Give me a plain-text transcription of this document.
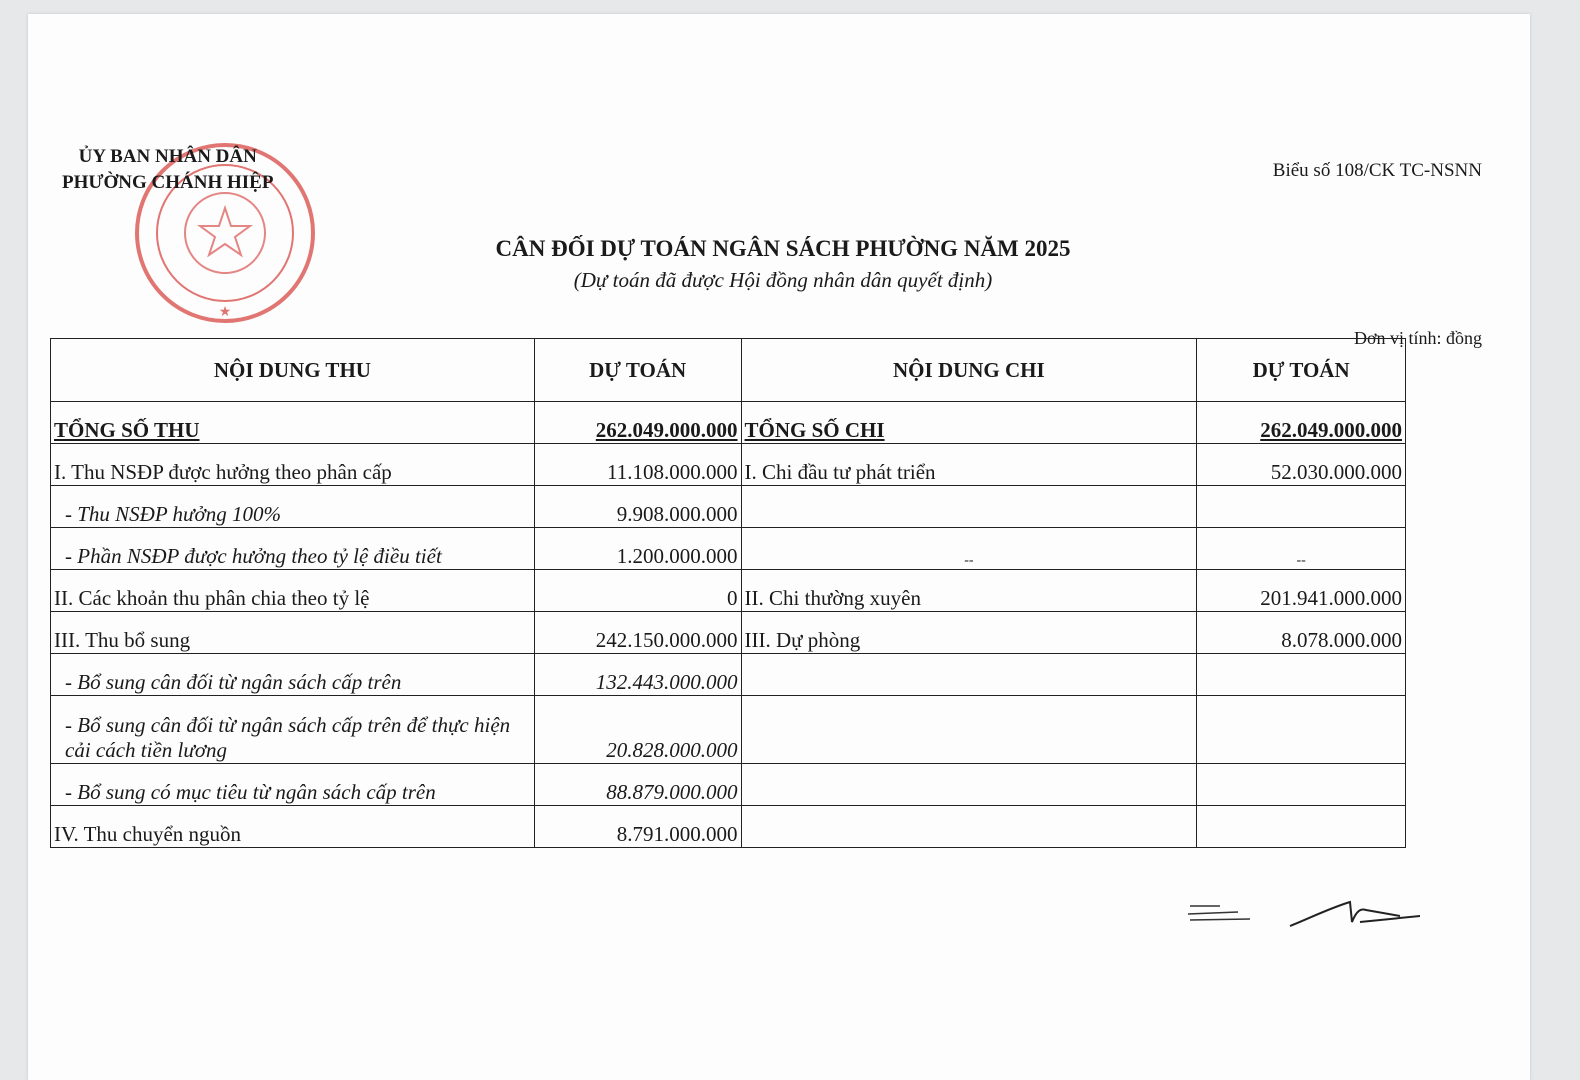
★
ỦY BAN NHÂN DÂN
PHƯỜNG CHÁNH HIỆP
Biểu số 108/CK TC-NSNN
CÂN ĐỐI DỰ TOÁN NGÂN SÁCH PHƯỜNG NĂM 2025
(Dự toán đã được Hội đồng nhân dân quyết định)
Đơn vị tính: đồng
NỘI DUNG THU	DỰ TOÁN	NỘI DUNG CHI	DỰ TOÁN
TỔNG SỐ THU	262.049.000.000	TỔNG SỐ CHI	262.049.000.000
I. Thu NSĐP được hưởng theo phân cấp	11.108.000.000	I. Chi đầu tư phát triển	52.030.000.000
- Thu NSĐP hưởng 100%	9.908.000.000		
- Phần NSĐP được hưởng theo tỷ lệ điều tiết	1.200.000.000	--	--
II. Các khoản thu phân chia theo tỷ lệ	0	II. Chi thường xuyên	201.941.000.000
III. Thu bổ sung	242.150.000.000	III. Dự phòng	8.078.000.000
- Bổ sung cân đối từ ngân sách cấp trên	132.443.000.000		
- Bổ sung cân đối từ ngân sách cấp trên để thực hiện cải cách tiền lương	20.828.000.000		
- Bổ sung có mục tiêu từ ngân sách cấp trên	88.879.000.000		
IV. Thu chuyển nguồn	8.791.000.000		
